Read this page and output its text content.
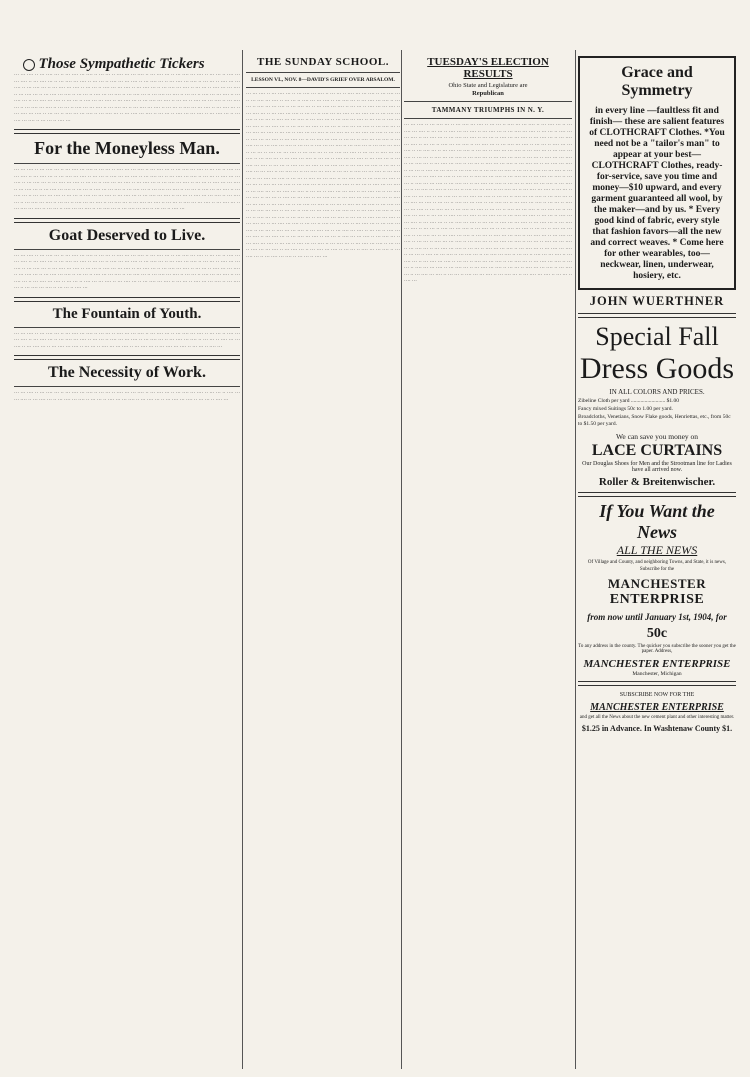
Those Sympathetic Tickers

··· ··· ···· ·· ··· ···· ··· ·· ··· ···· ··· ···· ·· ··· ··· ·· ···· ··· ··· ···· ·· ··· ···· ··· ·· ··· ···· ··· ···· ·· ··· ··· ·· ···· ··· ··· ···· ·· ··· ···· ··· ·· ··· ···· ··· ···· ·· ··· ··· ·· ···· ··· ··· ···· ·· ··· ···· ··· ·· ··· ···· ··· ···· ·· ··· ··· ·· ···· ··· ··· ···· ·· ··· ···· ··· ·· ··· ···· ··· ···· ·· ··· ··· ·· ···· ··· ··· ···· ·· ··· ···· ··· ·· ··· ···· ··· ···· ·· ··· ··· ·· ···· ··· ··· ···· ·· ··· ···· ··· ·· ··· ···· ··· ···· ·· ··· ··· ·· ···· ··· ··· ···· ·· ··· ···· ··· ·· ··· ···· ··· ···· ·· ··· ··· ·· ···· ··· ··· ···· ·· ··· ···· ··· ·· ··· ···· ··· ···· ·· ··· ··· ·· ···· ··· ··· ···· ·· ··· ···· ··· ·· ··· ···· ··· ···· ·· ··· ··· ·· ···· ··· ··· ···· ·· ··· ···· ··· ·· ··· ···· ··· ···· ·· ··· ··· ·· ···· ··· ··· ···· ·· ··· ···· ··· ·· ··· ···· ··· ···· ·· ··· ··· ·· ···· ··· ··· ···· ·· ··· ···· ··· ·· ··· ···· ··· ···· ·· ··· ··· ·· ···· ··· ··· ···· ·· ··· ···· ··· ·· ··· ···· ··· ···· ·· ··· ··· ·· ···· ··· ··· ···· ·· ··· ···· ··· ·· ··· ···· ··· ···· ·· ··· ··· ·· ···· ···

For the Moneyless Man.

··· ··· ···· ·· ··· ···· ··· ·· ··· ···· ··· ···· ·· ··· ··· ·· ···· ··· ··· ···· ·· ··· ···· ··· ·· ··· ···· ··· ···· ·· ··· ··· ·· ···· ··· ··· ···· ·· ··· ···· ··· ·· ··· ···· ··· ···· ·· ··· ··· ·· ···· ··· ··· ···· ·· ··· ···· ··· ·· ··· ···· ··· ···· ·· ··· ··· ·· ···· ··· ··· ···· ·· ··· ···· ··· ·· ··· ···· ··· ···· ·· ··· ··· ·· ···· ··· ··· ···· ·· ··· ···· ··· ·· ··· ···· ··· ···· ·· ··· ··· ·· ···· ··· ··· ···· ·· ··· ···· ··· ·· ··· ···· ··· ···· ·· ··· ··· ·· ···· ··· ··· ···· ·· ··· ···· ··· ·· ··· ···· ··· ···· ·· ··· ··· ·· ···· ··· ··· ···· ·· ··· ···· ··· ·· ··· ···· ··· ···· ·· ··· ··· ·· ···· ··· ··· ···· ·· ··· ···· ··· ·· ··· ···· ··· ···· ·· ··· ··· ·· ···· ··· ··· ···· ·· ··· ···· ··· ·· ··· ···· ··· ···· ·· ··· ··· ·· ···· ··· ··· ···· ·· ··· ···· ··· ·· ··· ···· ··· ···· ·· ··· ··· ·· ···· ··· ··· ···· ·· ··· ···· ··· ·· ··· ···· ··· ···· ·· ··· ··· ·· ···· ··· ··· ···· ·· ··· ···· ··· ·· ··· ···· ··· ···· ·· ··· ··· ·· ···· ···

Goat Deserved to Live.

··· ··· ···· ·· ··· ···· ··· ·· ··· ···· ··· ···· ·· ··· ··· ·· ···· ··· ··· ···· ·· ··· ···· ··· ·· ··· ···· ··· ···· ·· ··· ··· ·· ···· ··· ··· ···· ·· ··· ···· ··· ·· ··· ···· ··· ···· ·· ··· ··· ·· ···· ··· ··· ···· ·· ··· ···· ··· ·· ··· ···· ··· ···· ·· ··· ··· ·· ···· ··· ··· ···· ·· ··· ···· ··· ·· ··· ···· ··· ···· ·· ··· ··· ·· ···· ··· ··· ···· ·· ··· ···· ··· ·· ··· ···· ··· ···· ·· ··· ··· ·· ···· ··· ··· ···· ·· ··· ···· ··· ·· ··· ···· ··· ···· ·· ··· ··· ·· ···· ··· ··· ···· ·· ··· ···· ··· ·· ··· ···· ··· ···· ·· ··· ··· ·· ···· ··· ··· ···· ·· ··· ···· ··· ·· ··· ···· ··· ···· ·· ··· ··· ·· ···· ··· ··· ···· ·· ··· ···· ··· ·· ··· ···· ··· ···· ·· ··· ··· ·· ···· ··· ··· ···· ·· ··· ···· ··· ·· ··· ···· ··· ···· ·· ··· ··· ·· ···· ···

The Fountain of Youth.

··· ··· ···· ·· ··· ···· ··· ·· ··· ···· ··· ···· ·· ··· ··· ·· ···· ··· ··· ···· ·· ··· ···· ··· ·· ··· ···· ··· ···· ·· ··· ··· ·· ···· ··· ··· ···· ·· ··· ···· ··· ·· ··· ···· ··· ···· ·· ··· ··· ·· ···· ··· ··· ···· ·· ··· ···· ··· ·· ··· ···· ··· ···· ·· ··· ··· ·· ···· ··· ··· ···· ·· ··· ···· ··· ·· ··· ···· ··· ···· ·· ··· ··· ·· ···· ··· ··· ···· ·· ··· ···· ··· ·· ··· ···· ··· ···· ·· ··· ··· ·· ···· ···

The Necessity of Work.

··· ··· ···· ·· ··· ···· ··· ·· ··· ···· ··· ···· ·· ··· ··· ·· ···· ··· ··· ···· ·· ··· ···· ··· ·· ··· ···· ··· ···· ·· ··· ··· ·· ···· ··· ··· ···· ·· ··· ···· ··· ·· ··· ···· ··· ···· ·· ··· ··· ·· ···· ··· ··· ···· ·· ··· ···· ··· ·· ··· ···· ··· ···· ·· ··· ··· ·· ···· ···

THE SUNDAY SCHOOL.

LESSON VI., NOV. 8—DAVID'S GRIEF OVER ABSALOM.

··· ··· ···· ·· ··· ···· ··· ·· ··· ···· ··· ···· ·· ··· ··· ·· ···· ··· ··· ···· ·· ··· ···· ··· ·· ··· ···· ··· ···· ·· ··· ··· ·· ···· ··· ··· ···· ·· ··· ···· ··· ·· ··· ···· ··· ···· ·· ··· ··· ·· ···· ··· ··· ···· ·· ··· ···· ··· ·· ··· ···· ··· ···· ·· ··· ··· ·· ···· ··· ··· ···· ·· ··· ···· ··· ·· ··· ···· ··· ···· ·· ··· ··· ·· ···· ··· ··· ···· ·· ··· ···· ··· ·· ··· ···· ··· ···· ·· ··· ··· ·· ···· ··· ··· ···· ·· ··· ···· ··· ·· ··· ···· ··· ···· ·· ··· ··· ·· ···· ··· ··· ···· ·· ··· ···· ··· ·· ··· ···· ··· ···· ·· ··· ··· ·· ···· ··· ··· ···· ·· ··· ···· ··· ·· ··· ···· ··· ···· ·· ··· ··· ·· ···· ··· ··· ···· ·· ··· ···· ··· ·· ··· ···· ··· ···· ·· ··· ··· ·· ···· ··· ··· ···· ·· ··· ···· ··· ·· ··· ···· ··· ···· ·· ··· ··· ·· ···· ··· ··· ···· ·· ··· ···· ··· ·· ··· ···· ··· ···· ·· ··· ··· ·· ···· ··· ··· ···· ·· ··· ···· ··· ·· ··· ···· ··· ···· ·· ··· ··· ·· ···· ··· ··· ···· ·· ··· ···· ··· ·· ··· ···· ··· ···· ·· ··· ··· ·· ···· ··· ··· ···· ·· ··· ···· ··· ·· ··· ···· ··· ···· ·· ··· ··· ·· ···· ··· ··· ···· ·· ··· ···· ··· ·· ··· ···· ··· ···· ·· ··· ··· ·· ···· ··· ··· ···· ·· ··· ···· ··· ·· ··· ···· ··· ···· ·· ··· ··· ·· ···· ··· ··· ···· ·· ··· ···· ··· ·· ··· ···· ··· ···· ·· ··· ··· ·· ···· ··· ··· ···· ·· ··· ···· ··· ·· ··· ···· ··· ···· ·· ··· ··· ·· ···· ··· ··· ···· ·· ··· ···· ··· ·· ··· ···· ··· ···· ·· ··· ··· ·· ···· ··· ··· ···· ·· ··· ···· ··· ·· ··· ···· ··· ···· ·· ··· ··· ·· ···· ··· ··· ···· ·· ··· ···· ··· ·· ··· ···· ··· ···· ·· ··· ··· ·· ···· ··· ··· ···· ·· ··· ···· ··· ·· ··· ···· ··· ···· ·· ··· ··· ·· ···· ··· ··· ···· ·· ··· ···· ··· ·· ··· ···· ··· ···· ·· ··· ··· ·· ···· ··· ··· ···· ·· ··· ···· ··· ·· ··· ···· ··· ···· ·· ··· ··· ·· ···· ··· ··· ···· ·· ··· ···· ··· ·· ··· ···· ··· ···· ·· ··· ··· ·· ···· ··· ··· ···· ·· ··· ···· ··· ·· ··· ···· ··· ···· ·· ··· ··· ·· ···· ··· ··· ···· ·· ··· ···· ··· ·· ··· ···· ··· ···· ·· ··· ··· ·· ···· ··· ··· ···· ·· ··· ···· ··· ·· ··· ···· ··· ···· ·· ··· ··· ·· ···· ··· ··· ···· ·· ··· ···· ··· ·· ··· ···· ··· ···· ·· ··· ··· ·· ···· ··· ··· ···· ·· ··· ···· ··· ·· ··· ···· ··· ···· ·· ··· ··· ·· ···· ··· ··· ···· ·· ··· ···· ··· ·· ··· ···· ··· ···· ·· ··· ··· ·· ···· ··· ··· ···· ·· ··· ···· ··· ·· ··· ···· ··· ···· ·· ··· ··· ·· ···· ··· ··· ···· ·· ··· ···· ··· ·· ··· ···· ··· ···· ·· ··· ··· ·· ···· ··· ··· ···· ·· ··· ···· ··· ·· ··· ···· ··· ···· ·· ··· ··· ·· ···· ··· ··· ···· ·· ··· ···· ··· ·· ··· ···· ··· ···· ·· ··· ··· ·· ···· ···

TUESDAY'S ELECTION RESULTS

Ohio State and Legislature are

Republican

TAMMANY TRIUMPHS IN N. Y.

··· ··· ···· ·· ··· ···· ··· ·· ··· ···· ··· ···· ·· ··· ··· ·· ···· ··· ··· ···· ·· ··· ···· ··· ·· ··· ···· ··· ···· ·· ··· ··· ·· ···· ··· ··· ···· ·· ··· ···· ··· ·· ··· ···· ··· ···· ·· ··· ··· ·· ···· ··· ··· ···· ·· ··· ···· ··· ·· ··· ···· ··· ···· ·· ··· ··· ·· ···· ··· ··· ···· ·· ··· ···· ··· ·· ··· ···· ··· ···· ·· ··· ··· ·· ···· ··· ··· ···· ·· ··· ···· ··· ·· ··· ···· ··· ···· ·· ··· ··· ·· ···· ··· ··· ···· ·· ··· ···· ··· ·· ··· ···· ··· ···· ·· ··· ··· ·· ···· ··· ··· ···· ·· ··· ···· ··· ·· ··· ···· ··· ···· ·· ··· ··· ·· ···· ··· ··· ···· ·· ··· ···· ··· ·· ··· ···· ··· ···· ·· ··· ··· ·· ···· ··· ··· ···· ·· ··· ···· ··· ·· ··· ···· ··· ···· ·· ··· ··· ·· ···· ··· ··· ···· ·· ··· ···· ··· ·· ··· ···· ··· ···· ·· ··· ··· ·· ···· ··· ··· ···· ·· ··· ···· ··· ·· ··· ···· ··· ···· ·· ··· ··· ·· ···· ··· ··· ···· ·· ··· ···· ··· ·· ··· ···· ··· ···· ·· ··· ··· ·· ···· ··· ··· ···· ·· ··· ···· ··· ·· ··· ···· ··· ···· ·· ··· ··· ·· ···· ··· ··· ···· ·· ··· ···· ··· ·· ··· ···· ··· ···· ·· ··· ··· ·· ···· ··· ··· ···· ·· ··· ···· ··· ·· ··· ···· ··· ···· ·· ··· ··· ·· ···· ··· ··· ···· ·· ··· ···· ··· ·· ··· ···· ··· ···· ·· ··· ··· ·· ···· ··· ··· ···· ·· ··· ···· ··· ·· ··· ···· ··· ···· ·· ··· ··· ·· ···· ··· ··· ···· ·· ··· ···· ··· ·· ··· ···· ··· ···· ·· ··· ··· ·· ···· ··· ··· ···· ·· ··· ···· ··· ·· ··· ···· ··· ···· ·· ··· ··· ·· ···· ··· ··· ···· ·· ··· ···· ··· ·· ··· ···· ··· ···· ·· ··· ··· ·· ···· ··· ··· ···· ·· ··· ···· ··· ·· ··· ···· ··· ···· ·· ··· ··· ·· ···· ··· ··· ···· ·· ··· ···· ··· ·· ··· ···· ··· ···· ·· ··· ··· ·· ···· ··· ··· ···· ·· ··· ···· ··· ·· ··· ···· ··· ···· ·· ··· ··· ·· ···· ··· ··· ···· ·· ··· ···· ··· ·· ··· ···· ··· ···· ·· ··· ··· ·· ···· ··· ··· ···· ·· ··· ···· ··· ·· ··· ···· ··· ···· ·· ··· ··· ·· ···· ··· ··· ···· ·· ··· ···· ··· ·· ··· ···· ··· ···· ·· ··· ··· ·· ···· ··· ··· ···· ·· ··· ···· ··· ·· ··· ···· ··· ···· ·· ··· ··· ·· ···· ··· ··· ···· ·· ··· ···· ··· ·· ··· ···· ··· ···· ·· ··· ··· ·· ···· ··· ··· ···· ·· ··· ···· ··· ·· ··· ···· ··· ···· ·· ··· ··· ·· ···· ··· ··· ···· ·· ··· ···· ··· ·· ··· ···· ··· ···· ·· ··· ··· ·· ···· ··· ··· ···· ·· ··· ···· ··· ·· ··· ···· ··· ···· ·· ··· ··· ·· ···· ··· ··· ···· ·· ··· ···· ··· ·· ··· ···· ··· ···· ·· ··· ··· ·· ···· ··· ··· ···· ·· ··· ···· ··· ·· ··· ···· ··· ···· ·· ··· ··· ·· ···· ··· ··· ···· ·· ··· ···· ··· ·· ··· ···· ··· ···· ·· ··· ··· ·· ···· ··· ··· ···· ·· ··· ···· ··· ·· ··· ···· ··· ···· ·· ··· ··· ·· ···· ··· ··· ···· ·· ··· ···· ··· ·· ··· ···· ··· ···· ·· ··· ··· ·· ···· ···

Grace and Symmetry

in every line —faultless fit and finish— these are salient features of CLOTHCRAFT Clothes. *You need not be a "tailor's man" to appear at your best— CLOTHCRAFT Clothes, ready-for-service, save you time and money—$10 upward, and every garment guaranteed all wool, by the maker—and by us. * Every good kind of fabric, every style that fashion favors—all the new and correct weaves. * Come here for other wearables, too—neckwear, linen, underwear, hosiery, etc.

JOHN WUERTHNER

Special Fall

Dress Goods

IN ALL COLORS AND PRICES.

Zibeline Cloth per yard ......................... $1.00

Fancy mixed Suitings 50c to 1.00 per yard.

Broadcloths, Venetians, Snow Flake goods, Henriettas, etc., from 50c to $1.50 per yard.

We can save you money on

LACE CURTAINS

Our Douglas Shoes for Men and the Strootman line for Ladies have all arrived now.

Roller & Breitenwischer.

If You Want the News

ALL THE NEWS

Of Village and County, and neighboring Towns, and State, it is news,

Subscribe for the

MANCHESTER

ENTERPRISE

from now until January 1st, 1904, for

50c

To any address in the county. The quicker you subscribe the sooner you get the paper. Address,

MANCHESTER ENTERPRISE

Manchester, Michigan

SUBSCRIBE NOW FOR THE

MANCHESTER ENTERPRISE

and get all the News about the new cement plant and other interesting matter.

$1.25 in Advance. In Washtenaw County $1.
